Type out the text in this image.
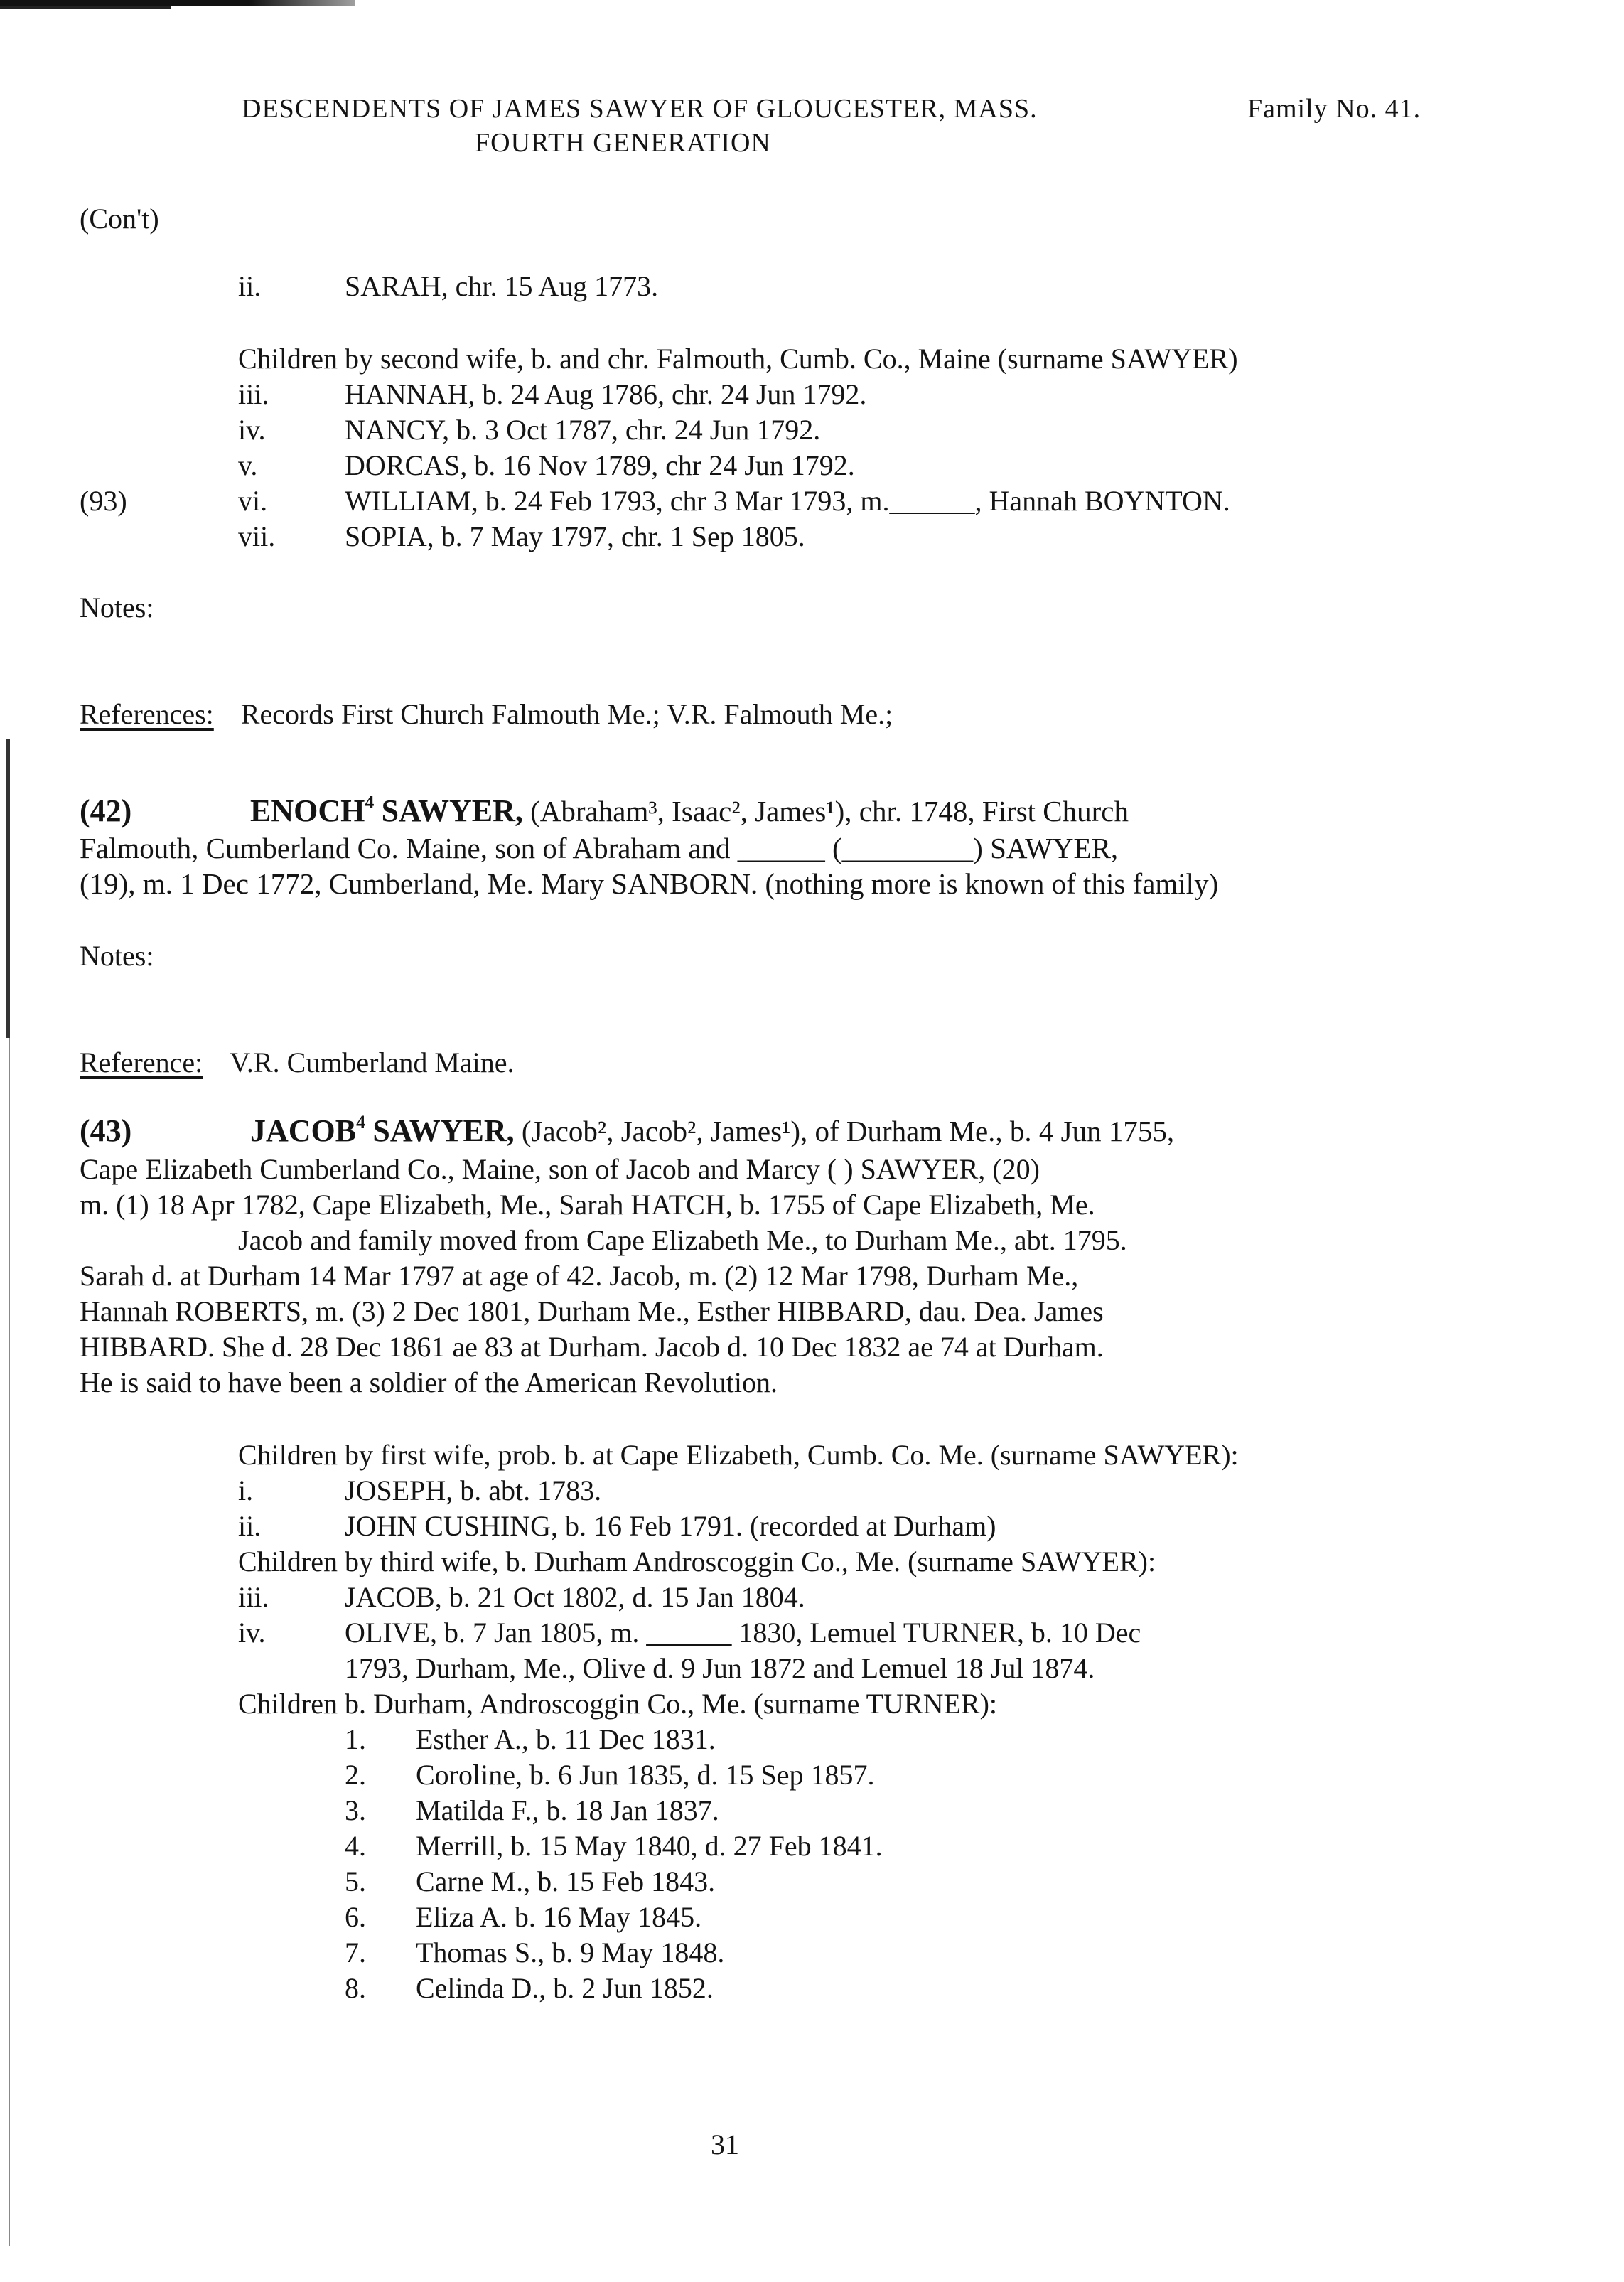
DESCENDENTS OF JAMES SAWYER OF GLOUCESTER, MASS.
FOURTH GENERATION
Family No. 41.
(Con't)
ii.	SARAH, chr. 15 Aug 1773.
Children by second wife, b. and chr. Falmouth, Cumb. Co., Maine (surname SAWYER)
iii.	HANNAH, b. 24 Aug 1786, chr. 24 Jun 1792.
iv.	NANCY, b. 3 Oct 1787, chr. 24 Jun 1792.
v.	DORCAS, b. 16 Nov 1789, chr 24 Jun 1792.
(93)	vi.	WILLIAM, b. 24 Feb 1793, chr 3 Mar 1793, m.______, Hannah BOYNTON.
vii. SOPIA, b. 7 May 1797, chr. 1 Sep 1805.
Notes:
References: Records First Church Falmouth Me.; V.R. Falmouth Me.;
(42)	ENOCH$^4$ SAWYER, (Abraham³, Isaac², James¹), chr. 1748, First Church
Falmouth, Cumberland Co. Maine, son of Abraham and ______ (_________) SAWYER,
(19), m. 1 Dec 1772, Cumberland, Me. Mary SANBORN. (nothing more is known of this family)
Notes:
Reference: V.R. Cumberland Maine.
(43)	JACOB$^4$ SAWYER, (Jacob², Jacob², James¹), of Durham Me., b. 4 Jun 1755,
Cape Elizabeth Cumberland Co., Maine, son of Jacob and Marcy ( ) SAWYER, (20)
m. (1) 18 Apr 1782, Cape Elizabeth, Me., Sarah HATCH, b. 1755 of Cape Elizabeth, Me.
Jacob and family moved from Cape Elizabeth Me., to Durham Me., abt. 1795.
Sarah d. at Durham 14 Mar 1797 at age of 42. Jacob, m. (2) 12 Mar 1798, Durham Me.,
Hannah ROBERTS, m. (3) 2 Dec 1801, Durham Me., Esther HIBBARD, dau. Dea. James
HIBBARD. She d. 28 Dec 1861 ae 83 at Durham. Jacob d. 10 Dec 1832 ae 74 at Durham.
He is said to have been a soldier of the American Revolution.
Children by first wife, prob. b. at Cape Elizabeth, Cumb. Co. Me. (surname SAWYER):
i.	JOSEPH, b. abt. 1783.
ii.	JOHN CUSHING, b. 16 Feb 1791. (recorded at Durham)
Children by third wife, b. Durham Androscoggin Co., Me. (surname SAWYER):
iii.	JACOB, b. 21 Oct 1802, d. 15 Jan 1804.
iv.	OLIVE, b. 7 Jan 1805, m. ______ 1830, Lemuel TURNER, b. 10 Dec
1793, Durham, Me., Olive d. 9 Jun 1872 and Lemuel 18 Jul 1874.
Children b. Durham, Androscoggin Co., Me. (surname TURNER):
1. Esther A., b. 11 Dec 1831.
2. Coroline, b. 6 Jun 1835, d. 15 Sep 1857.
3. Matilda F., b. 18 Jan 1837.
4. Merrill, b. 15 May 1840, d. 27 Feb 1841.
5. Carne M., b. 15 Feb 1843.
6. Eliza A. b. 16 May 1845.
7. Thomas S., b. 9 May 1848.
8. Celinda D., b. 2 Jun 1852.
31
